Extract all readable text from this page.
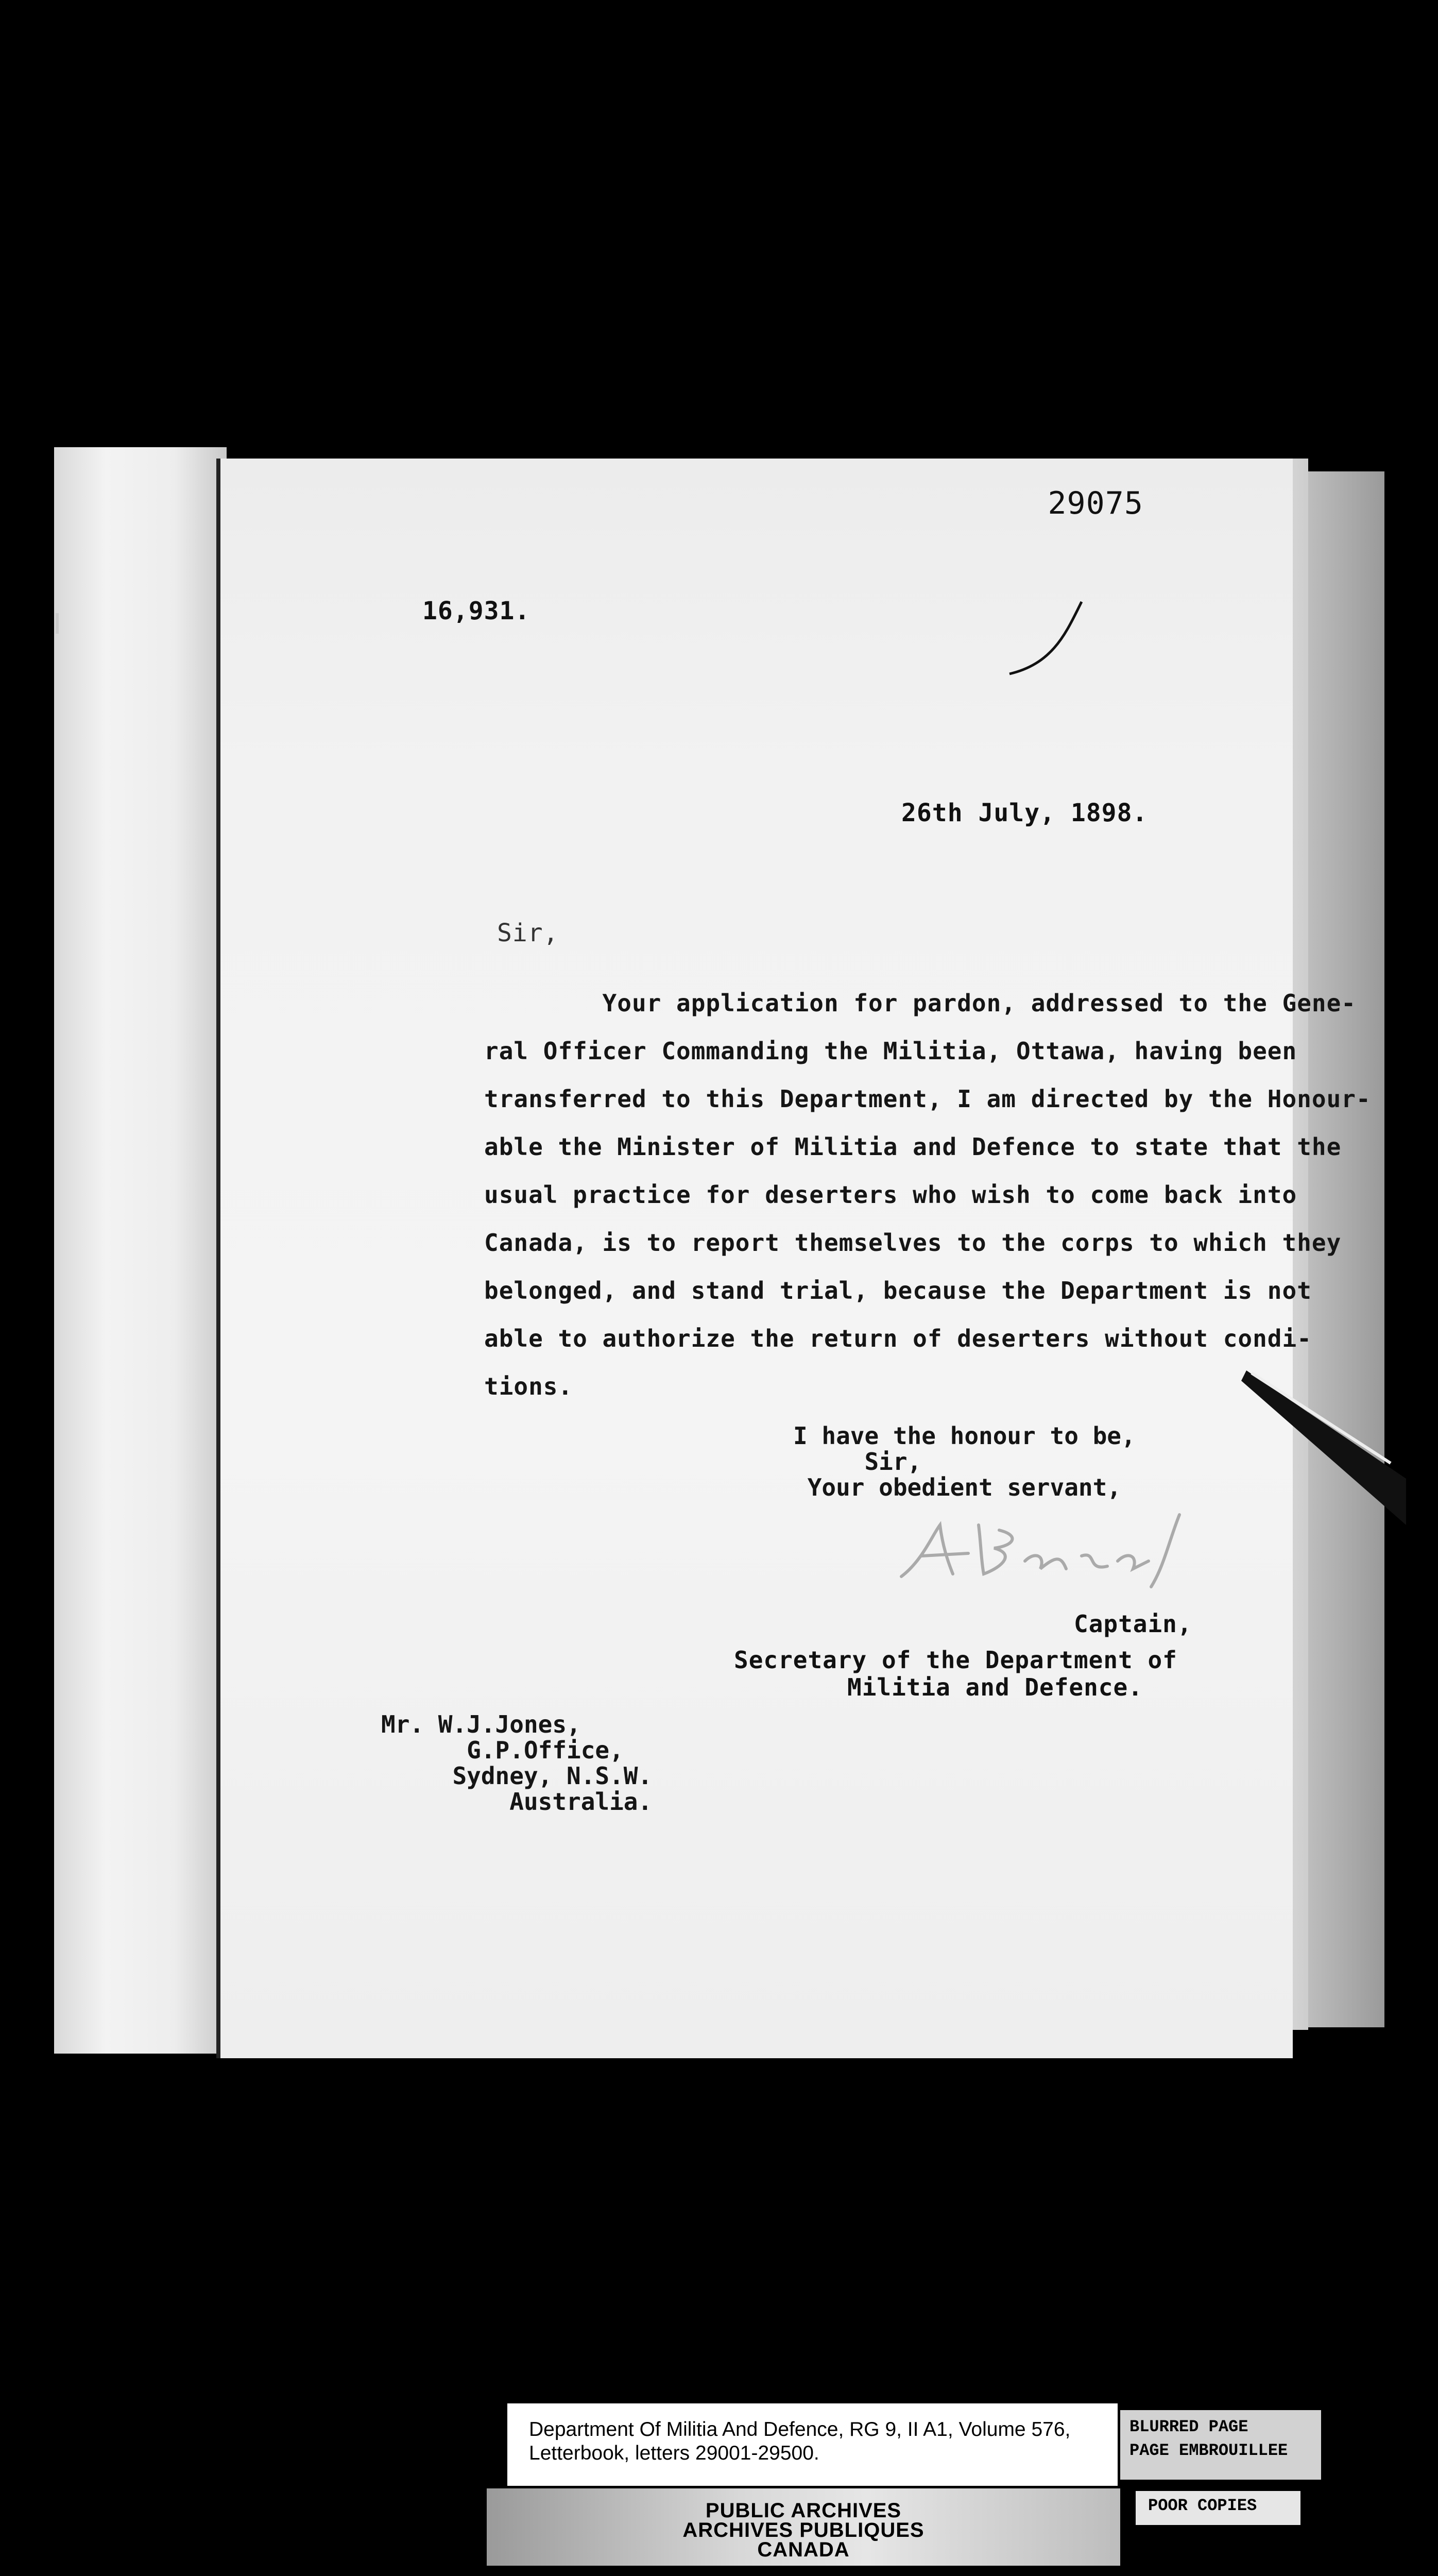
29075
16,931.
26th July, 1898.
Sir,
Your application for pardon, addressed to the Gene-
ral Officer Commanding the Militia, Ottawa, having been
transferred to this Department, I am directed by the Honour-
able the Minister of Militia and Defence to state that the
usual practice for deserters who wish to come back into
Canada, is to report themselves to the corps to which they
belonged, and stand trial, because the Department is not
able to authorize the return of deserters without condi-
tions.
I have the honour to be,
Sir,
Your obedient servant,
Captain,
Secretary of the Department of
Militia and Defence.
Mr. W.J.Jones,
G.P.Office,
Sydney, N.S.W.
Australia.
Department Of Militia And Defence, RG 9, II A1, Volume 576,
Letterbook, letters 29001-29500.
PUBLIC ARCHIVES
ARCHIVES PUBLIQUES
CANADA
BLURRED PAGE
PAGE EMBROUILLEE
POOR COPIES
